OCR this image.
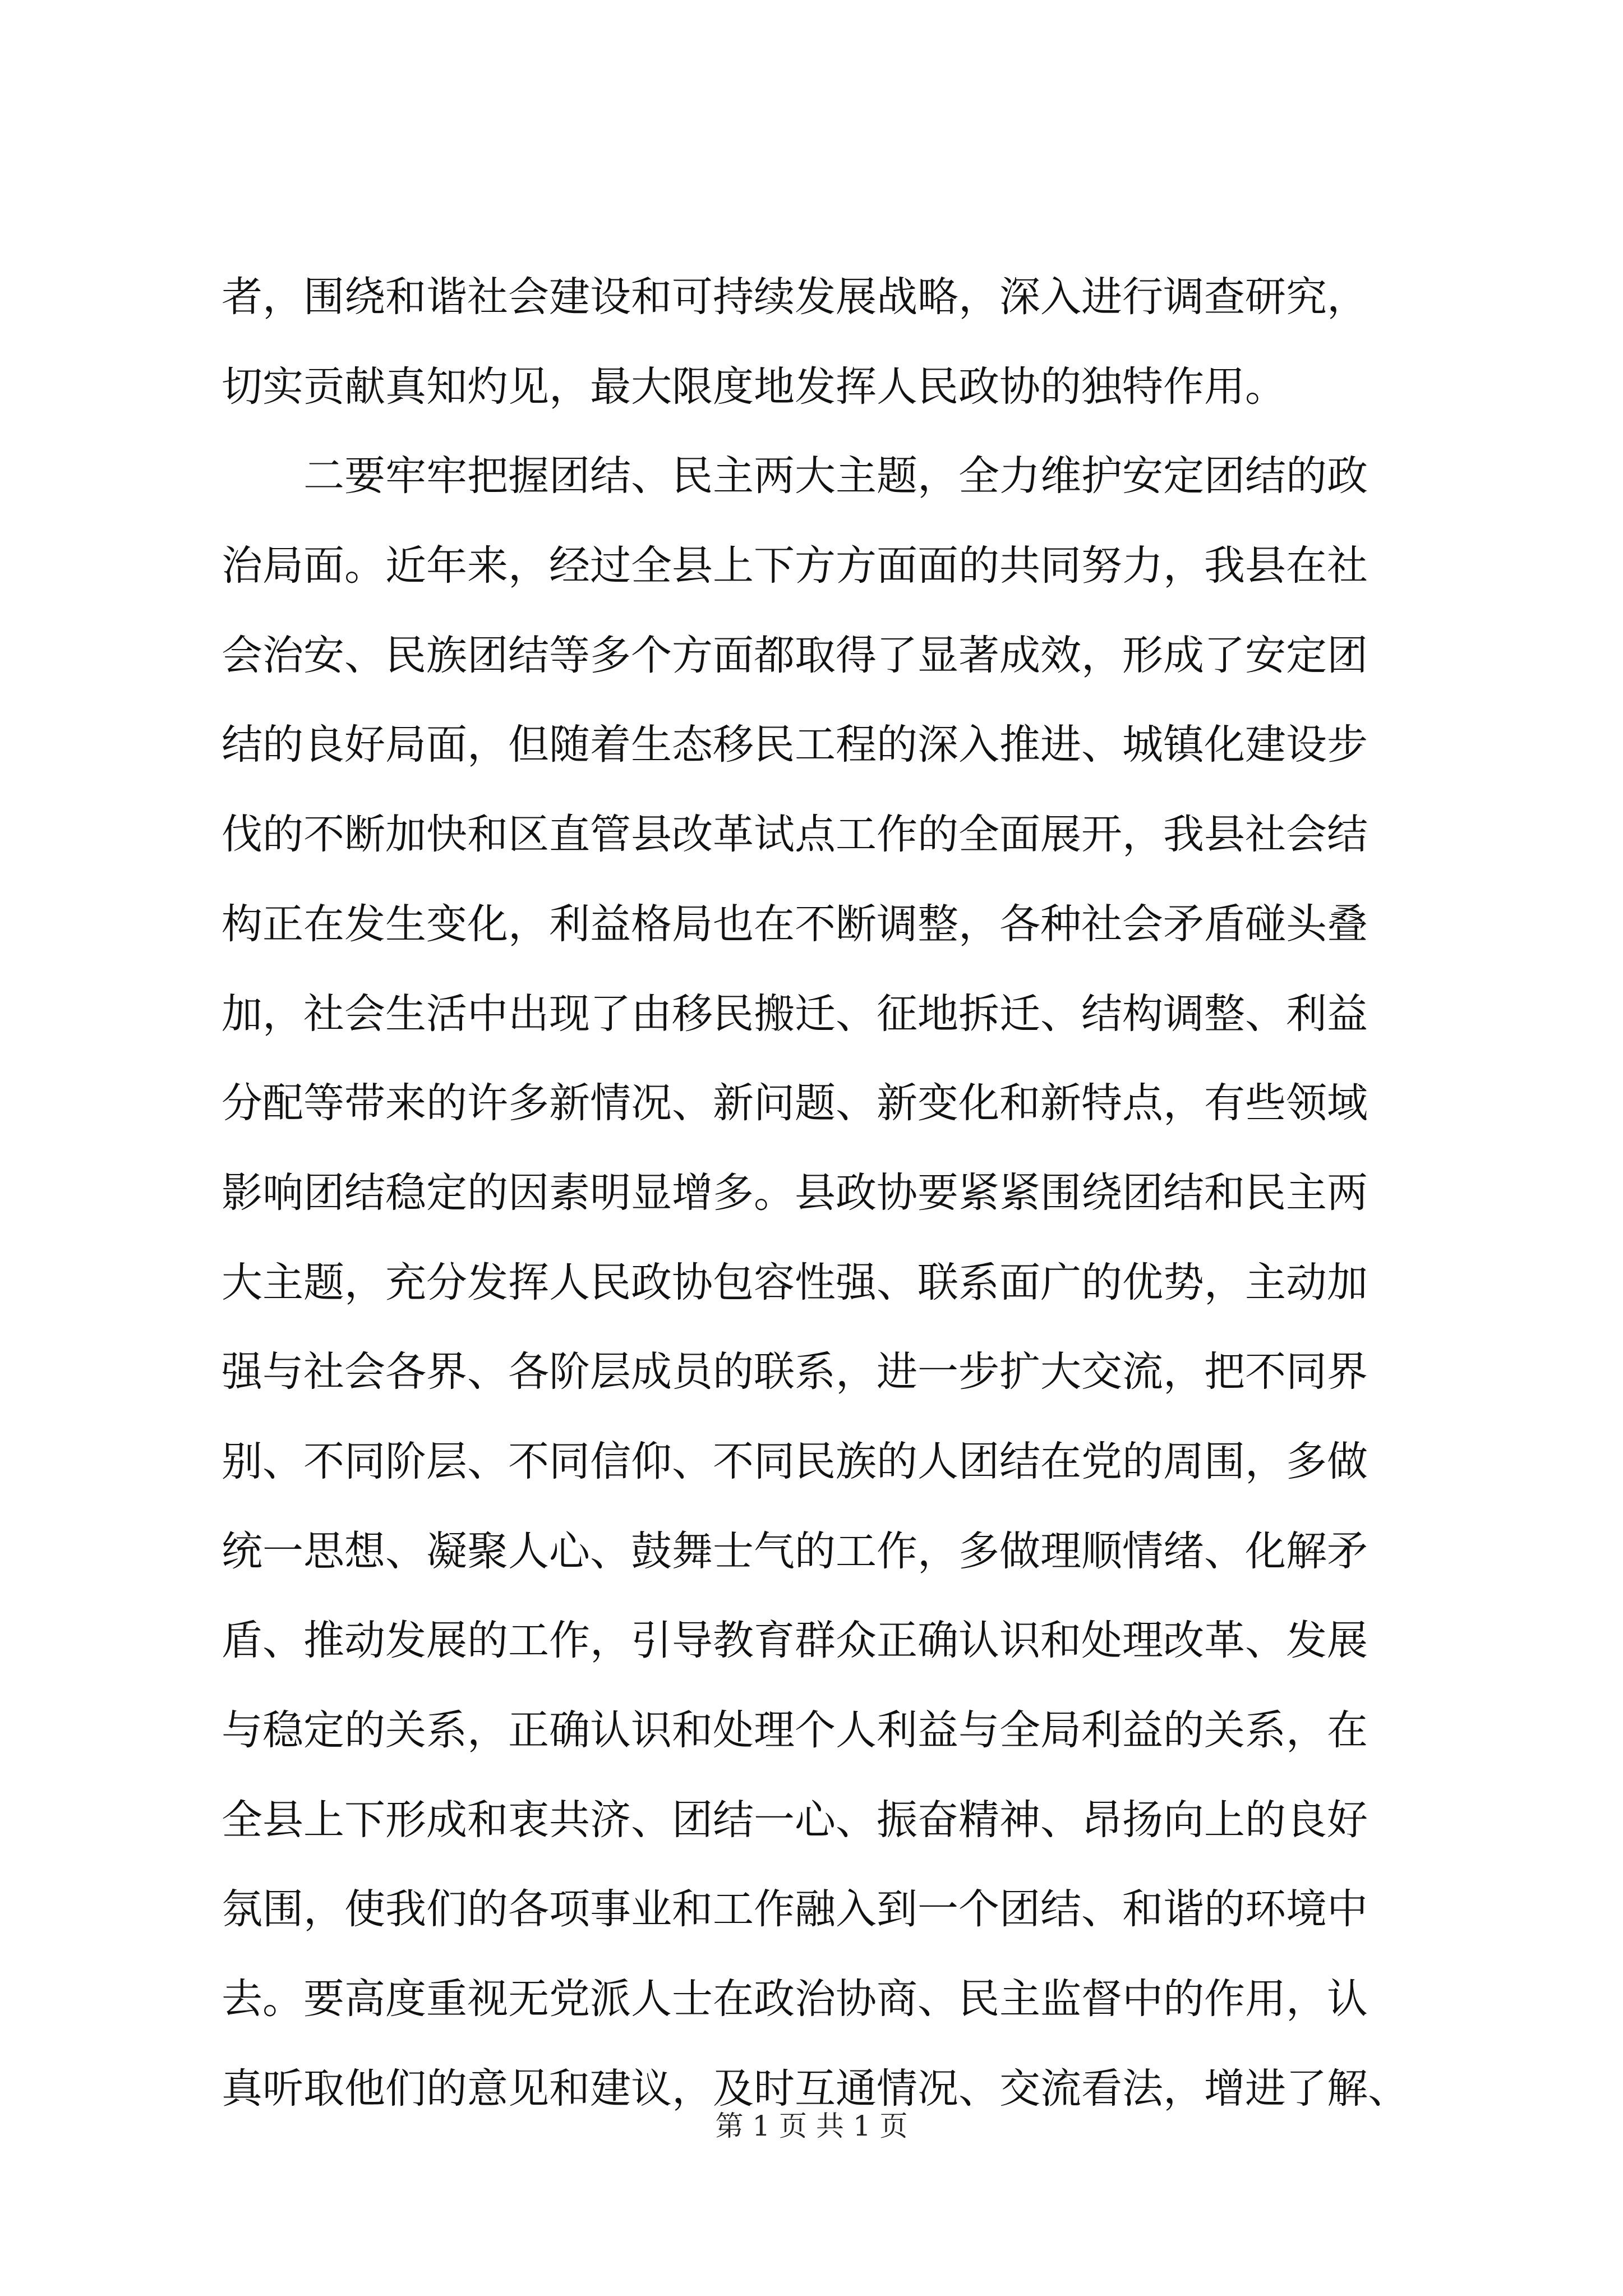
者，围绕和谐社会建设和可持续发展战略，深入进行调查研究，
切实贡献真知灼见，最大限度地发挥人民政协的独特作用。
二要牢牢把握团结、民主两大主题，全力维护安定团结的政
治局面。近年来，经过全县上下方方面面的共同努力，我县在社
会治安、民族团结等多个方面都取得了显著成效，形成了安定团
结的良好局面，但随着生态移民工程的深入推进、城镇化建设步
伐的不断加快和区直管县改革试点工作的全面展开，我县社会结
构正在发生变化，利益格局也在不断调整，各种社会矛盾碰头叠
加，社会生活中出现了由移民搬迁、征地拆迁、结构调整、利益
分配等带来的许多新情况、新问题、新变化和新特点，有些领域
影响团结稳定的因素明显增多。县政协要紧紧围绕团结和民主两
大主题，充分发挥人民政协包容性强、联系面广的优势，主动加
强与社会各界、各阶层成员的联系，进一步扩大交流，把不同界
别、不同阶层、不同信仰、不同民族的人团结在党的周围，多做
统一思想、凝聚人心、鼓舞士气的工作，多做理顺情绪、化解矛
盾、推动发展的工作，引导教育群众正确认识和处理改革、发展
与稳定的关系，正确认识和处理个人利益与全局利益的关系，在
全县上下形成和衷共济、团结一心、振奋精神、昂扬向上的良好
氛围，使我们的各项事业和工作融入到一个团结、和谐的环境中
去。要高度重视无党派人士在政治协商、民主监督中的作用，认
真听取他们的意见和建议，及时互通情况、交流看法，增进了解、
第 1 页 共 1 页
